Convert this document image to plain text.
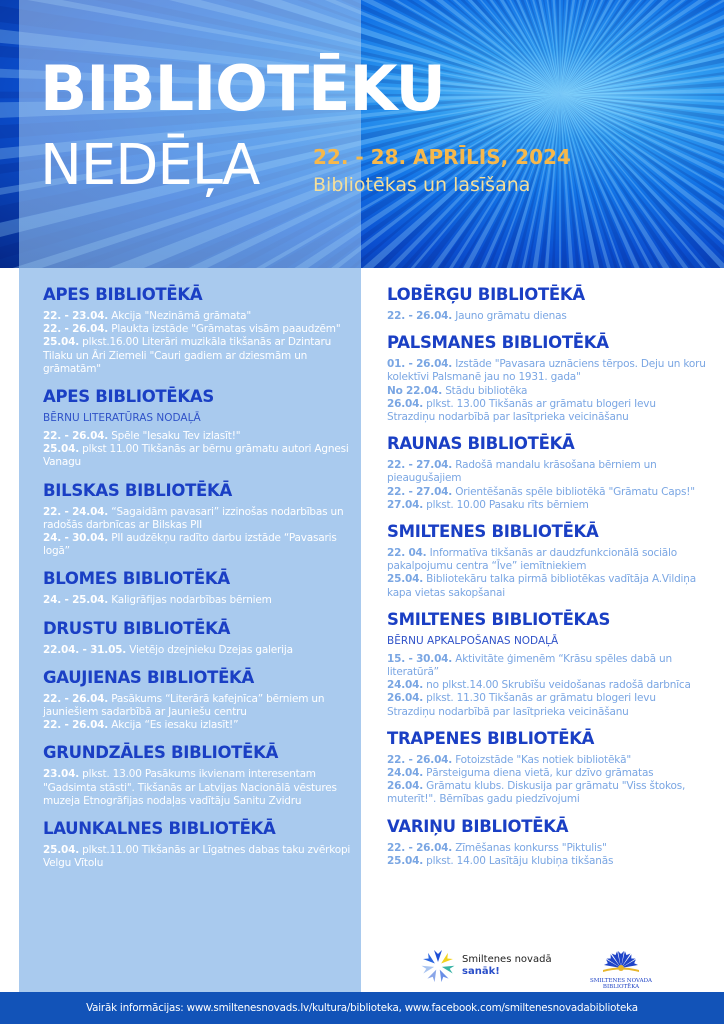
BIBLIOTĒKU
NEDĒĻA	22. - 28. APRĪLIS, 2024
Bibliotēkas un lasīšana
APES BIBLIOTĒKĀ
22. - 23.04. Akcija "Nezināmā grāmata"
22. - 26.04. Plaukta izstāde "Grāmatas visām paaudzēm"
25.04. plkst.16.00 Literāri muzikāla tikšanās ar Dzintaru Tilaku un Āri Ziemeli "Cauri gadiem ar dziesmām un grāmatām"
APES BIBLIOTĒKAS
BĒRNU LITERATŪRAS NODAĻĀ
22. - 26.04. Spēle "Iesaku Tev izlasīt!"
25.04. plkst 11.00 Tikšanās ar bērnu grāmatu autori Agnesi Vanagu
BILSKAS BIBLIOTĒKĀ
22. - 24.04. “Sagaidām pavasari” izzinošas nodarbības un radošās darbnīcas ar Bilskas PII
24. - 30.04. PII audzēkņu radīto darbu izstāde “Pavasaris logā”
BLOMES BIBLIOTĒKĀ
24. - 25.04. Kaligrāfijas nodarbības bērniem
DRUSTU BIBLIOTĒKĀ
22.04. - 31.05. Vietējo dzejnieku Dzejas galerija
GAUJIENAS BIBLIOTĒKĀ
22. - 26.04. Pasākums “Literārā kafejnīca” bērniem un jauniešiem sadarbībā ar Jauniešu centru
22. - 26.04. Akcija “Es iesaku izlasīt!”
GRUNDZĀLES BIBLIOTĒKĀ
23.04. plkst. 13.00 Pasākums ikvienam interesentam "Gadsimta stāsti". Tikšanās ar Latvijas Nacionālā vēstures muzeja Etnogrāfijas nodaļas vadītāju Sanitu Zvidru
LAUNKALNES BIBLIOTĒKĀ
25.04. plkst.11.00 Tikšanās ar Līgatnes dabas taku zvērkopi Velgu Vītolu
LOBĒRĢU BIBLIOTĒKĀ
22. - 26.04. Jauno grāmatu dienas
PALSMANES BIBLIOTĒKĀ
01. - 26.04. Izstāde "Pavasara uznāciens tērpos. Deju un koru kolektīvi Palsmanē jau no 1931. gada"
No 22.04. Stādu bibliotēka
26.04. plkst. 13.00 Tikšanās ar grāmatu blogeri Ievu Strazdiņu nodarbībā par lasītprieka veicināšanu
RAUNAS BIBLIOTĒKĀ
22. - 27.04. Radošā mandalu krāsošana bērniem un pieaugušajiem
22. - 27.04. Orientēšanās spēle bibliotēkā "Grāmatu Caps!"
27.04. plkst. 10.00 Pasaku rīts bērniem
SMILTENES BIBLIOTĒKĀ
22. 04. Informatīva tikšanās ar daudzfunkcionālā sociālo pakalpojumu centra “Īve” iemītniekiem
25.04. Bibliotekāru talka pirmā bibliotēkas vadītāja A.Vildiņa kapa vietas sakopšanai
SMILTENES BIBLIOTĒKAS
BĒRNU APKALPOŠANAS NODAĻĀ
15. - 30.04. Aktivitāte ģimenēm “Krāsu spēles dabā un literatūrā”
24.04. no plkst.14.00 Skrubīšu veidošanas radošā darbnīca
26.04. plkst. 11.30 Tikšanās ar grāmatu blogeri Ievu Strazdiņu nodarbībā par lasītprieka veicināšanu
TRAPENES BIBLIOTĒKĀ
22. - 26.04. Fotoizstāde "Kas notiek bibliotēkā"
24.04. Pārsteiguma diena vietā, kur dzīvo grāmatas
26.04. Grāmatu klubs. Diskusija par grāmatu "Viss štokos, muterīt!". Bērnības gadu piedzīvojumi
VARIŅU BIBLIOTĒKĀ
22. - 26.04. Zīmēšanas konkurss "Piktulis"
25.04. plkst. 14.00 Lasītāju klubiņa tikšanās
Smiltenes novadā
sanāk!
SMILTENES NOVADA
BIBLIOTĒKA
Vairāk informācijas: www.smiltenesnovads.lv/kultura/biblioteka, www.facebook.com/smiltenesnovadabiblioteka
